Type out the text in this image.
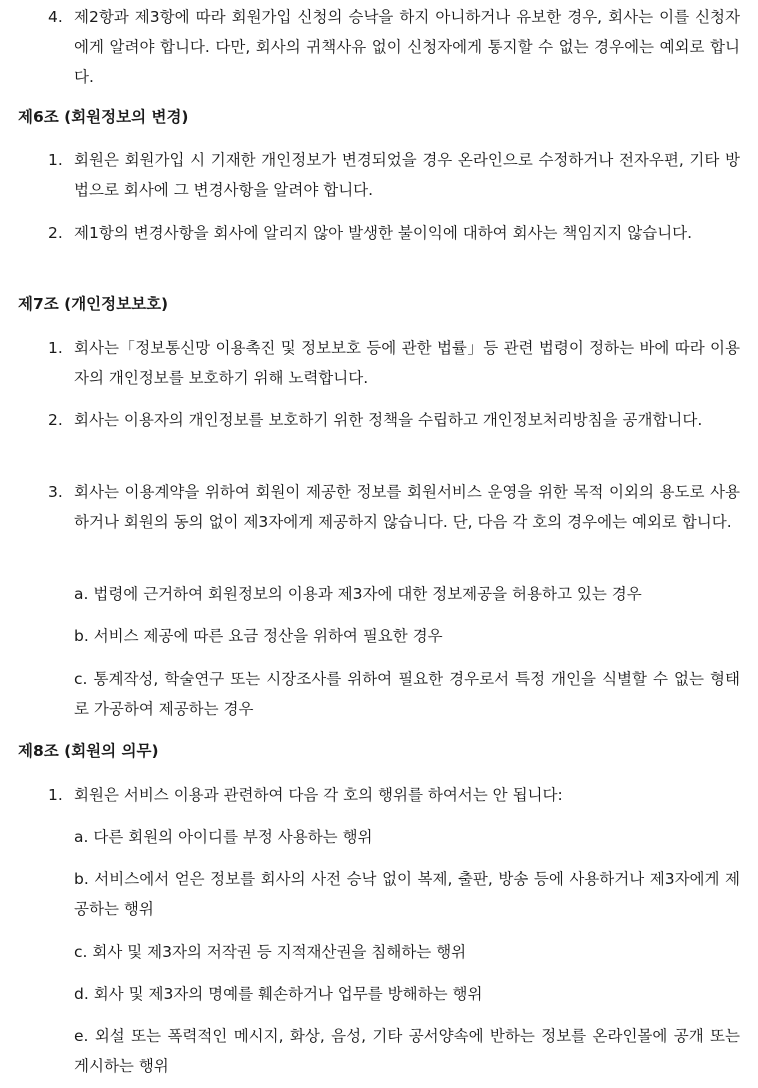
4. 제2항과 제3항에 따라 회원가입 신청의 승낙을 하지 아니하거나 유보한 경우, 회사는 이를 신청자에게 알려야 합니다. 다만, 회사의 귀책사유 없이 신청자에게 통지할 수 없는 경우에는 예외로 합니다.

제6조 (회원정보의 변경)

1. 회원은 회원가입 시 기재한 개인정보가 변경되었을 경우 온라인으로 수정하거나 전자우편, 기타 방법으로 회사에 그 변경사항을 알려야 합니다.

2. 제1항의 변경사항을 회사에 알리지 않아 발생한 불이익에 대하여 회사는 책임지지 않습니다.

제7조 (개인정보보호)

1. 회사는「정보통신망 이용촉진 및 정보보호 등에 관한 법률」등 관련 법령이 정하는 바에 따라 이용자의 개인정보를 보호하기 위해 노력합니다.

2. 회사는 이용자의 개인정보를 보호하기 위한 정책을 수립하고 개인정보처리방침을 공개합니다.

3. 회사는 이용계약을 위하여 회원이 제공한 정보를 회원서비스 운영을 위한 목적 이외의 용도로 사용하거나 회원의 동의 없이 제3자에게 제공하지 않습니다. 단, 다음 각 호의 경우에는 예외로 합니다.

a. 법령에 근거하여 회원정보의 이용과 제3자에 대한 정보제공을 허용하고 있는 경우

b. 서비스 제공에 따른 요금 정산을 위하여 필요한 경우

c. 통계작성, 학술연구 또는 시장조사를 위하여 필요한 경우로서 특정 개인을 식별할 수 없는 형태로 가공하여 제공하는 경우

제8조 (회원의 의무)

1. 회원은 서비스 이용과 관련하여 다음 각 호의 행위를 하여서는 안 됩니다:

a. 다른 회원의 아이디를 부정 사용하는 행위

b. 서비스에서 얻은 정보를 회사의 사전 승낙 없이 복제, 출판, 방송 등에 사용하거나 제3자에게 제공하는 행위

c. 회사 및 제3자의 저작권 등 지적재산권을 침해하는 행위

d. 회사 및 제3자의 명예를 훼손하거나 업무를 방해하는 행위

e. 외설 또는 폭력적인 메시지, 화상, 음성, 기타 공서양속에 반하는 정보를 온라인몰에 공개 또는 게시하는 행위
